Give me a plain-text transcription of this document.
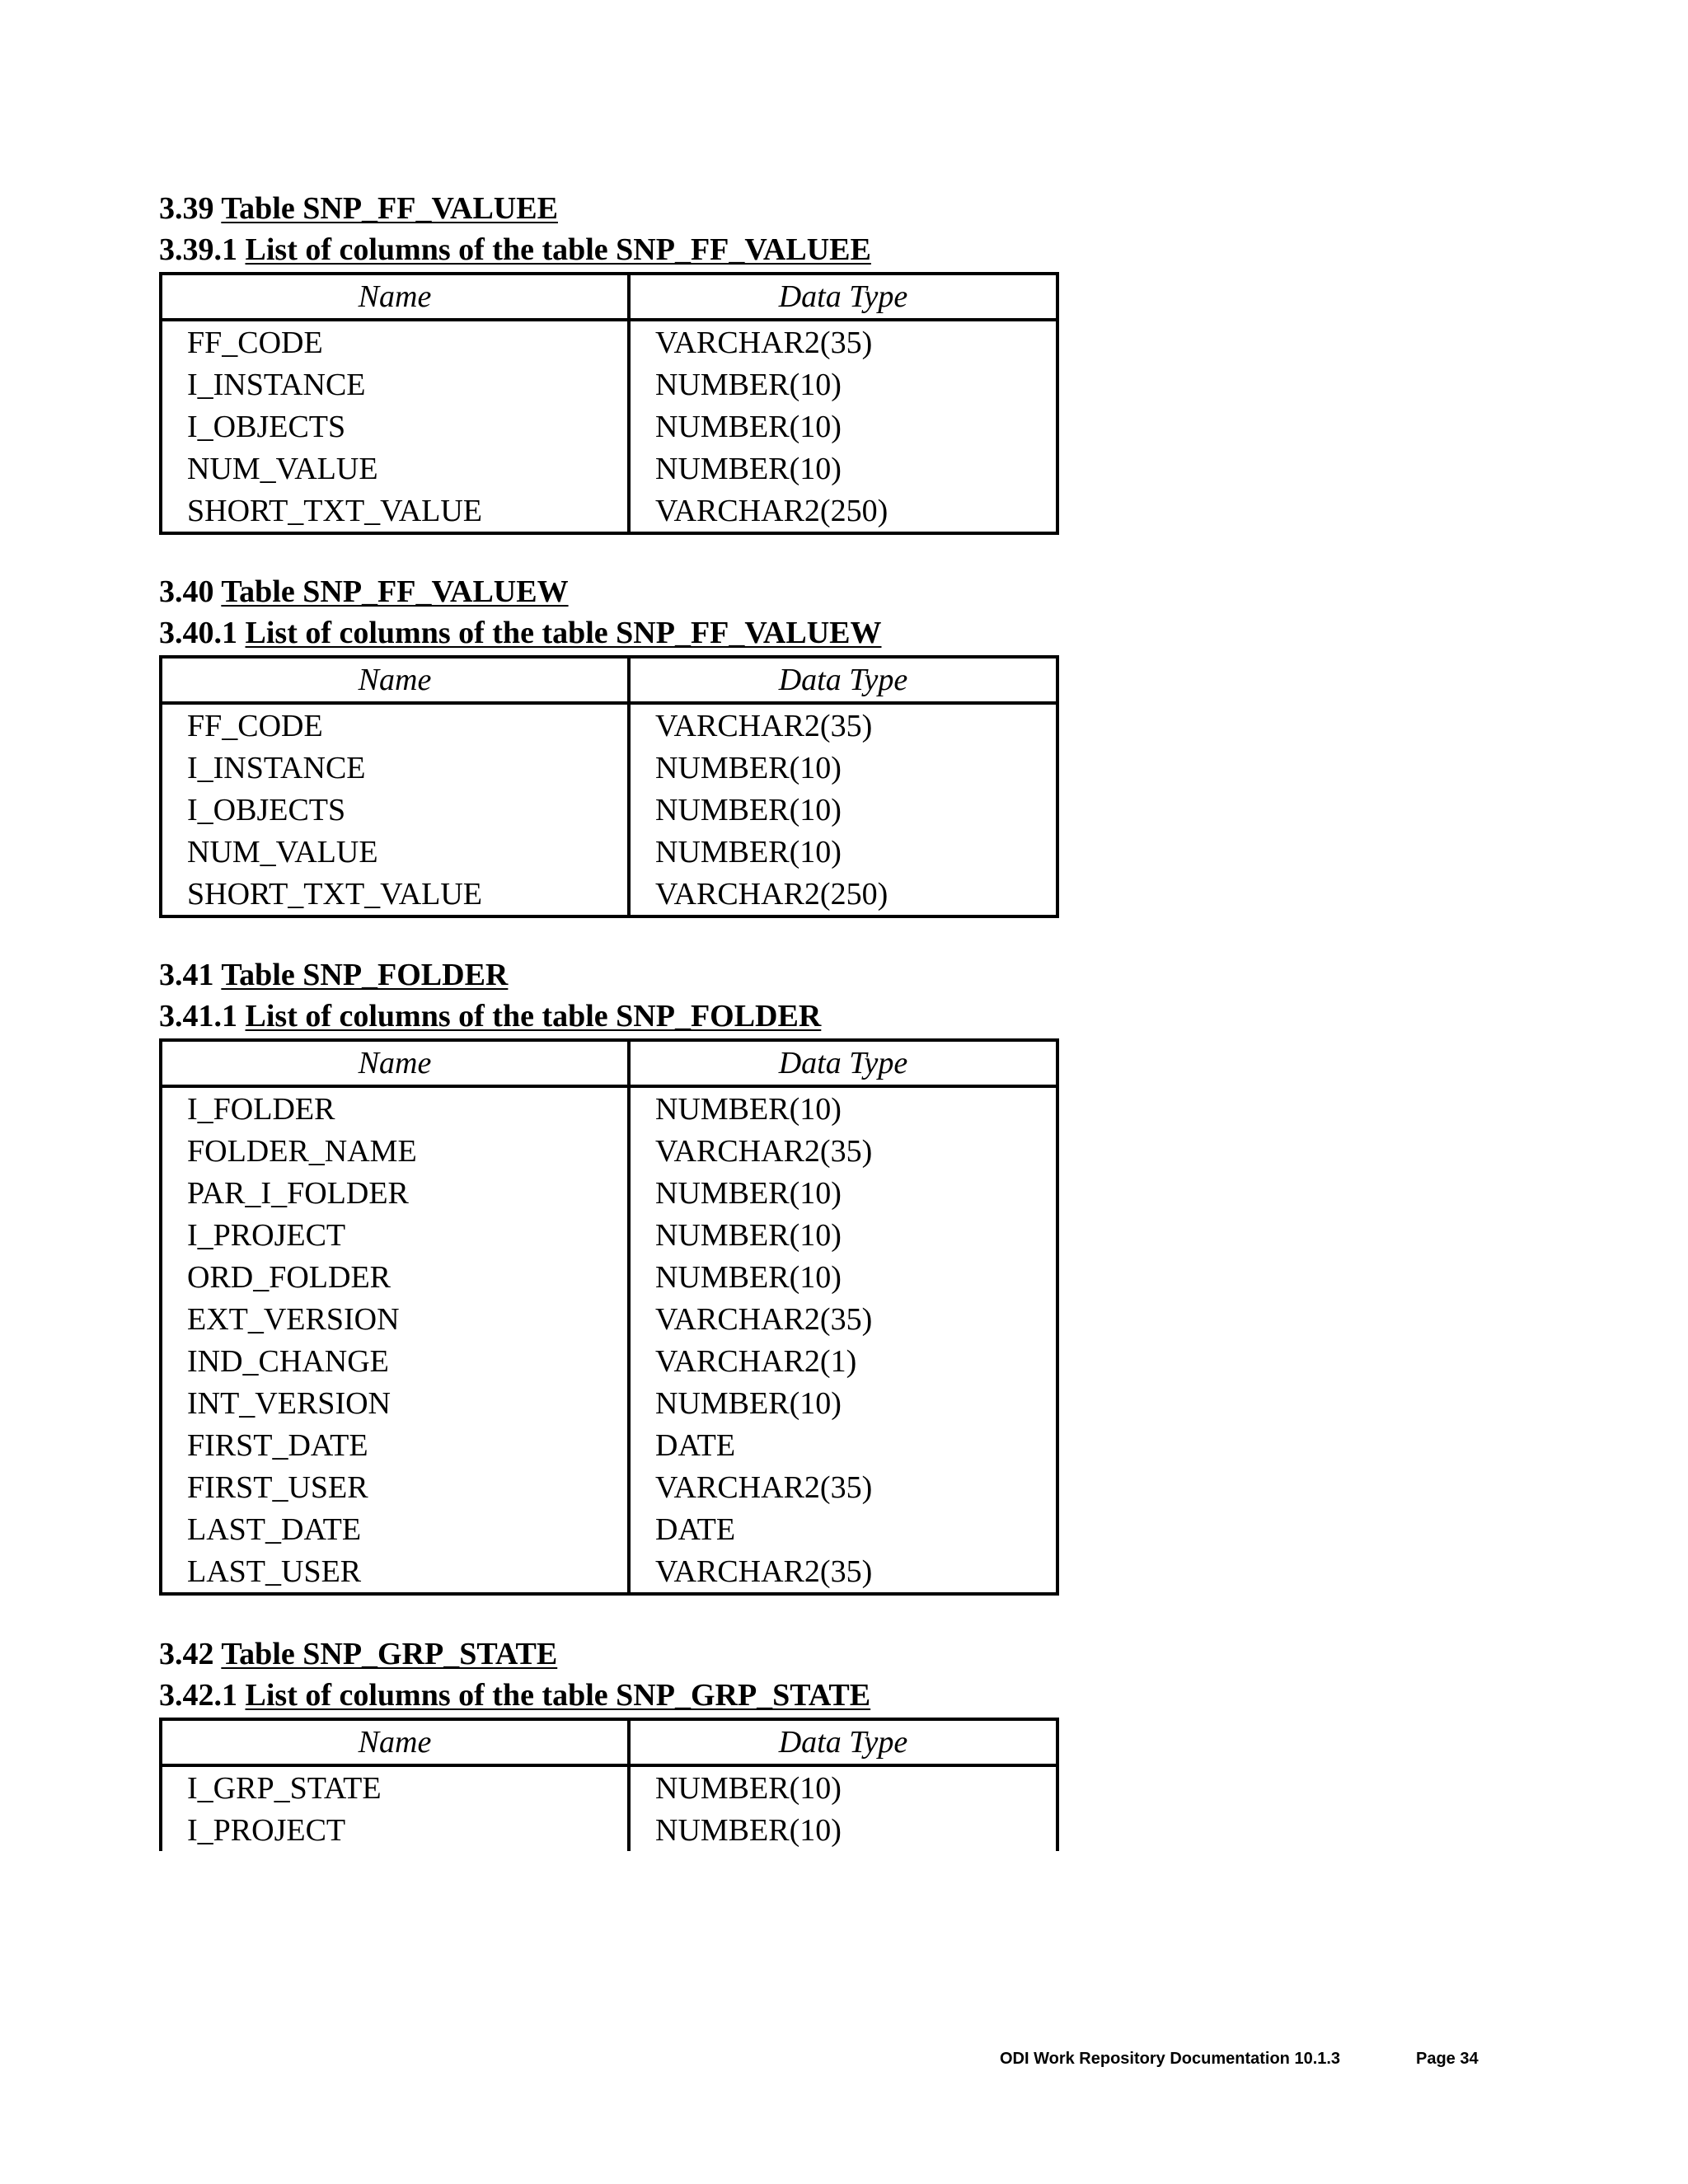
3.39 Table SNP_FF_VALUEE
3.39.1 List of columns of the table SNP_FF_VALUEE
Name	Data Type
FF_CODE	VARCHAR2(35)
I_INSTANCE	NUMBER(10)
I_OBJECTS	NUMBER(10)
NUM_VALUE	NUMBER(10)
SHORT_TXT_VALUE	VARCHAR2(250)
3.40 Table SNP_FF_VALUEW
3.40.1 List of columns of the table SNP_FF_VALUEW
Name	Data Type
FF_CODE	VARCHAR2(35)
I_INSTANCE	NUMBER(10)
I_OBJECTS	NUMBER(10)
NUM_VALUE	NUMBER(10)
SHORT_TXT_VALUE	VARCHAR2(250)
3.41 Table SNP_FOLDER
3.41.1 List of columns of the table SNP_FOLDER
Name	Data Type
I_FOLDER	NUMBER(10)
FOLDER_NAME	VARCHAR2(35)
PAR_I_FOLDER	NUMBER(10)
I_PROJECT	NUMBER(10)
ORD_FOLDER	NUMBER(10)
EXT_VERSION	VARCHAR2(35)
IND_CHANGE	VARCHAR2(1)
INT_VERSION	NUMBER(10)
FIRST_DATE	DATE
FIRST_USER	VARCHAR2(35)
LAST_DATE	DATE
LAST_USER	VARCHAR2(35)
3.42 Table SNP_GRP_STATE
3.42.1 List of columns of the table SNP_GRP_STATE
Name	Data Type
I_GRP_STATE	NUMBER(10)
I_PROJECT	NUMBER(10)
ODI Work Repository Documentation 10.1.3	Page 34
